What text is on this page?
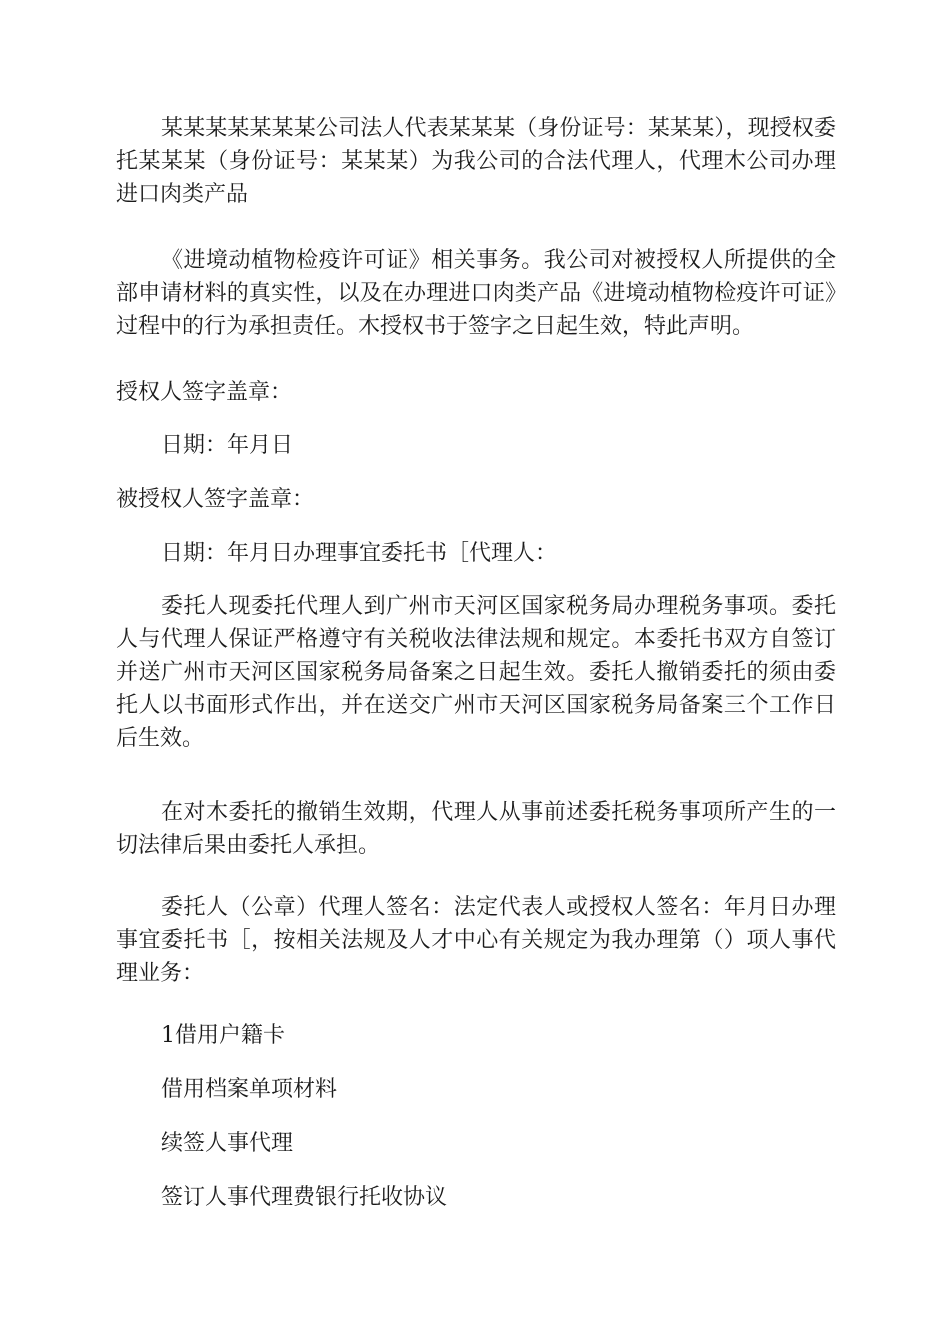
某某某某某某某公司法人代表某某某（身份证号：某某某），现授权委托某某某（身份证号：某某某）为我公司的合法代理人，代理木公司办理进口肉类产品

《进境动植物检疫许可证》相关事务。我公司对被授权人所提供的全部申请材料的真实性，以及在办理进口肉类产品《进境动植物检疫许可证》过程中的行为承担责任。木授权书于签字之日起生效，特此声明。

授权人签字盖章：

日期：年月日

被授权人签字盖章：

日期：年月日办理事宜委托书［代理人：

委托人现委托代理人到广州市天河区国家税务局办理税务事项。委托人与代理人保证严格遵守有关税收法律法规和规定。本委托书双方自签订并送广州市天河区国家税务局备案之日起生效。委托人撤销委托的须由委托人以书面形式作出，并在送交广州市天河区国家税务局备案三个工作日后生效。

在对木委托的撤销生效期，代理人从事前述委托税务事项所产生的一切法律后果由委托人承担。

委托人（公章）代理人签名：法定代表人或授权人签名：年月日办理事宜委托书［，按相关法规及人才中心有关规定为我办理第（）项人事代理业务：

1借用户籍卡

借用档案单项材料

续签人事代理

签订人事代理费银行托收协议
